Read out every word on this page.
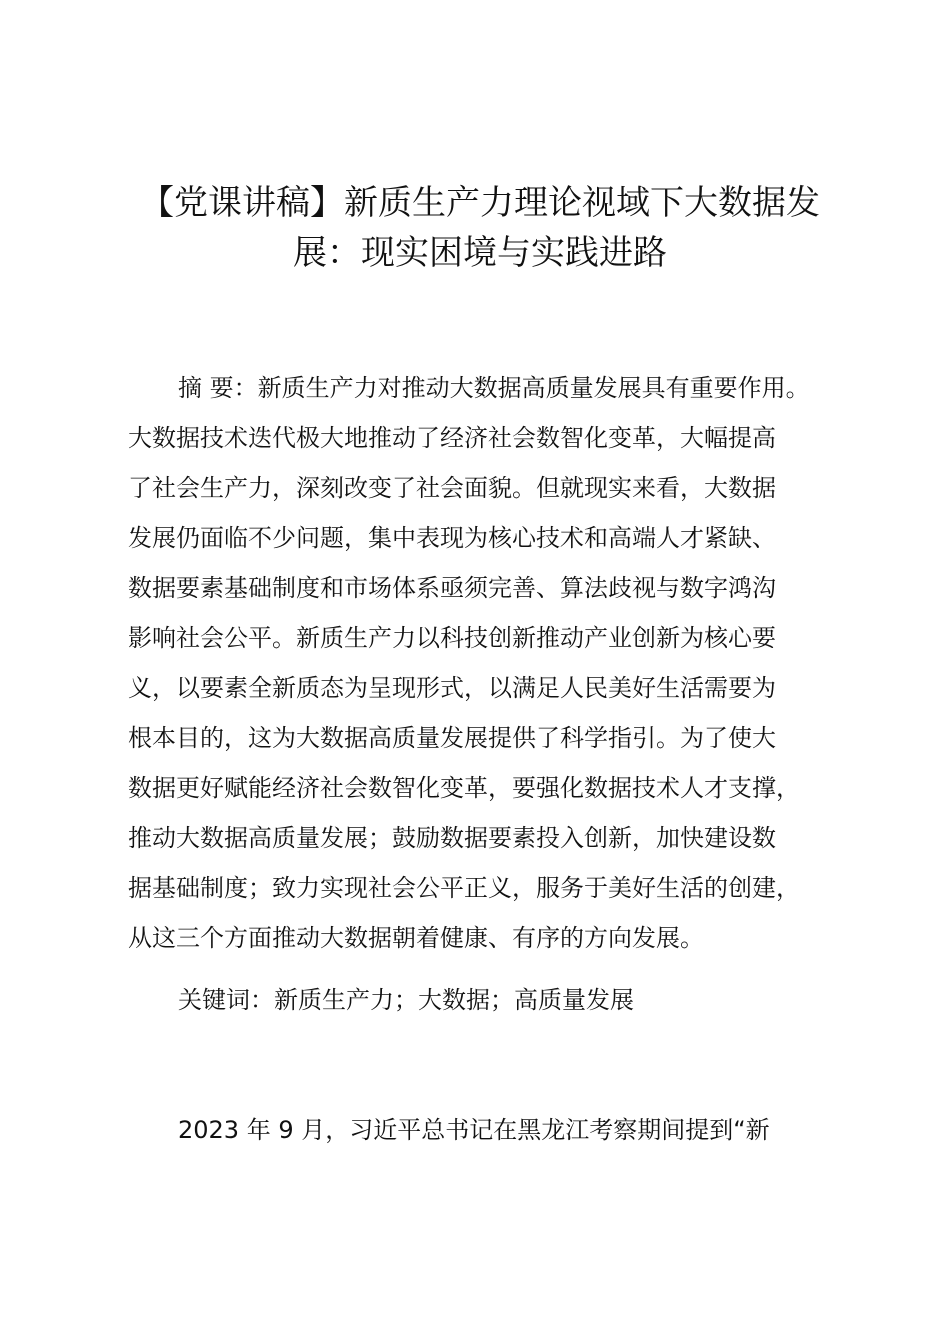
【党课讲稿】新质生产力理论视域下大数据发
展：现实困境与实践进路
摘 要：新质生产力对推动大数据高质量发展具有重要作用。
大数据技术迭代极大地推动了经济社会数智化变革，大幅提高
了社会生产力，深刻改变了社会面貌。但就现实来看，大数据
发展仍面临不少问题，集中表现为核心技术和高端人才紧缺、
数据要素基础制度和市场体系亟须完善、算法歧视与数字鸿沟
影响社会公平。新质生产力以科技创新推动产业创新为核心要
义，以要素全新质态为呈现形式，以满足人民美好生活需要为
根本目的，这为大数据高质量发展提供了科学指引。为了使大
数据更好赋能经济社会数智化变革，要强化数据技术人才支撑，
推动大数据高质量发展；鼓励数据要素投入创新，加快建设数
据基础制度；致力实现社会公平正义，服务于美好生活的创建，
从这三个方面推动大数据朝着健康、有序的方向发展。

关键词：新质生产力；大数据；高质量发展

2023 年 9 月，习近平总书记在黑龙江考察期间提到“新
